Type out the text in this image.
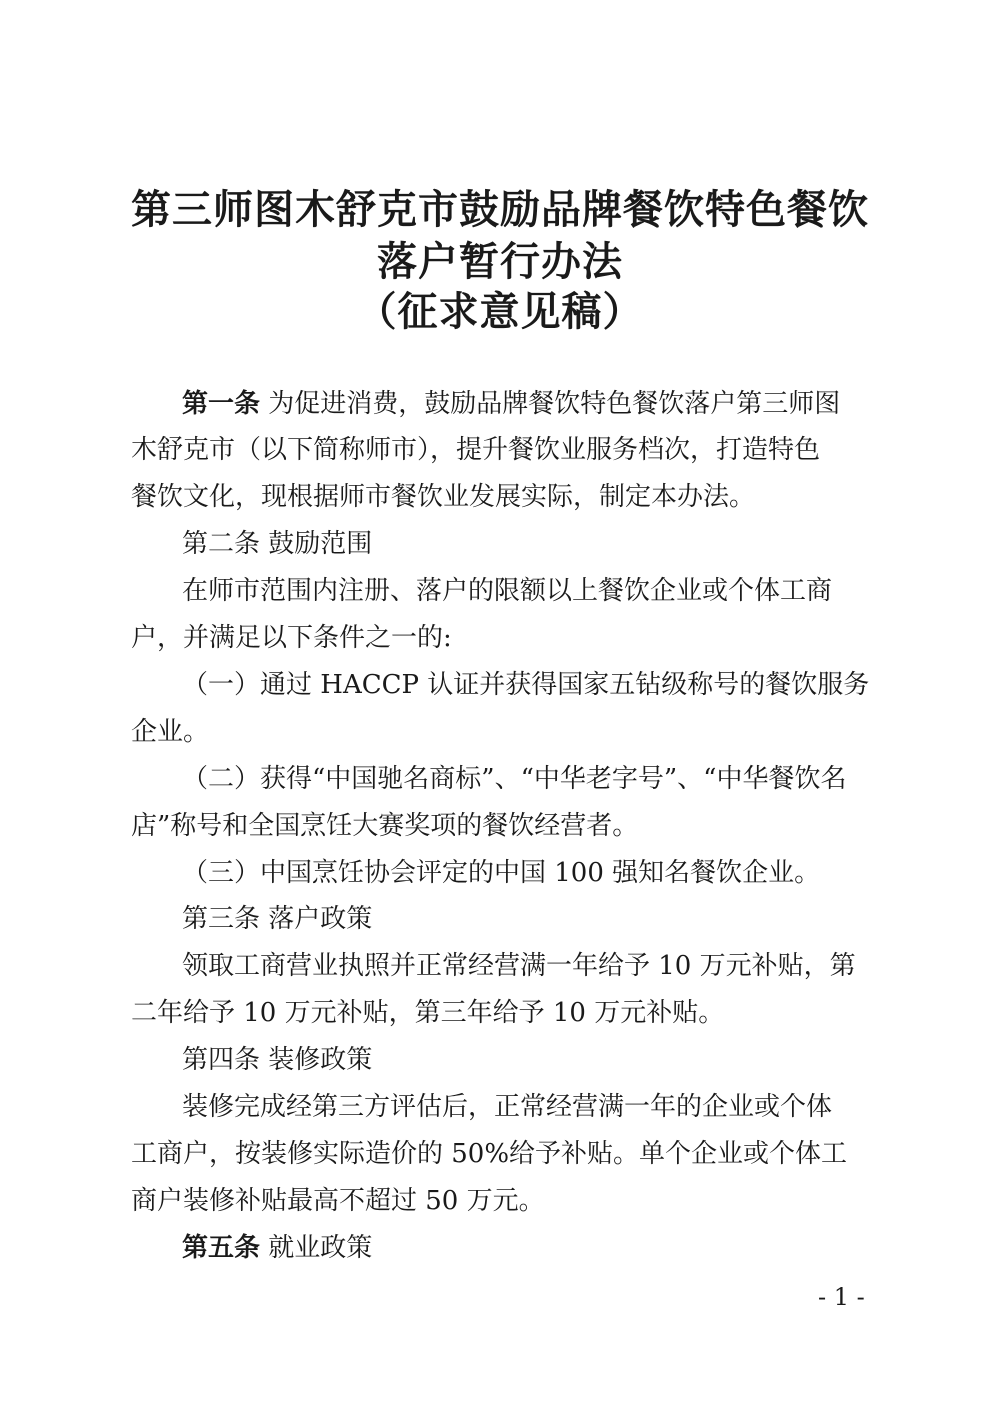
第三师图木舒克市鼓励品牌餐饮特色餐饮
落户暂行办法
（征求意见稿）
第一条 为促进消费，鼓励品牌餐饮特色餐饮落户第三师图
木舒克市（以下简称师市），提升餐饮业服务档次，打造特色
餐饮文化，现根据师市餐饮业发展实际，制定本办法。
第二条 鼓励范围
在师市范围内注册、落户的限额以上餐饮企业或个体工商
户，并满足以下条件之一的:
（一）通过 HACCP 认证并获得国家五钻级称号的餐饮服务
企业。
（二）获得“中国驰名商标”、“中华老字号”、“中华餐饮名
店”称号和全国烹饪大赛奖项的餐饮经营者。
（三）中国烹饪协会评定的中国 100 强知名餐饮企业。
第三条 落户政策
领取工商营业执照并正常经营满一年给予 10 万元补贴，第
二年给予 10 万元补贴，第三年给予 10 万元补贴。
第四条 装修政策
装修完成经第三方评估后，正常经营满一年的企业或个体
工商户，按装修实际造价的 50%给予补贴。单个企业或个体工
商户装修补贴最高不超过 50 万元。
第五条 就业政策
- 1 -
